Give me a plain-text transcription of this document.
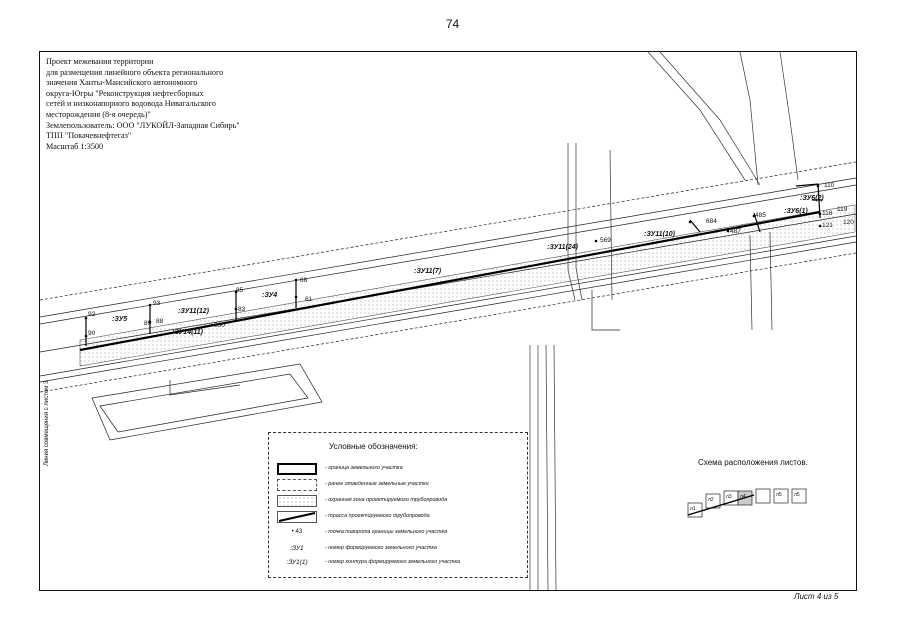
74
Проект межевания территории
для размещения линейного объекта регионального
значения Ханты-Мансийского автономного
округа-Югры "Реконструкция нефтесборных
сетей и низконапорного водовода Нивагальского
месторождения (8-я очередь)"
Землепользователь: ООО "ЛУКОЙЛ-Западная Сибирь"
ТПП "Покачевнефтегаз"
Масштаб 1:3500
Линия совмещения с листом 3
110
:ЗУ6(2)
:ЗУ6(1) 118
119
121 120
485
684
487
:ЗУ11(10)
569
:ЗУ11(24)
:ЗУ11(7)
86
85
:ЗУ4
81
83
93
:ЗУ11(12)
92
:ЗУ5
89 88
90
830
:ЗУ14(11)
Условные обозначения:
- граница земельного участка
- ранее отведенные земельные участки
- охранная зона проектируемого трубопровода
- трасса проектируемого трубопровода
• 43	- точка поворота границы земельного участка
:ЗУ1	- номер формируемого земельного участка
:ЗУ1(1)	- номер контура формируемого земельного участка
Схема расположения листов.
л1
л2 л3 л4	л5 л5
Лист 4 из 5
